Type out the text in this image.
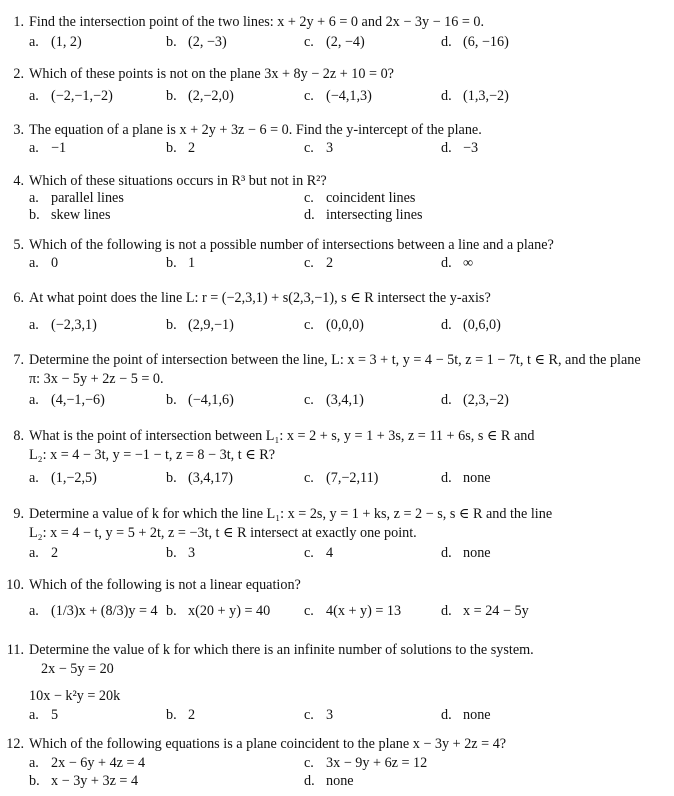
1. Find the intersection point of the two lines: x + 2y + 6 = 0 and 2x − 3y − 16 = 0.
a. (1, 2)	b. (2, −3)	c. (2, −4)	d. (6, −16)
2. Which of these points is not on the plane 3x + 8y − 2z + 10 = 0?
a. (−2,−1,−2)	b. (2,−2,0)	c. (−4,1,3)	d. (1,3,−2)
3. The equation of a plane is x + 2y + 3z − 6 = 0. Find the y-intercept of the plane.
a. −1	b. 2	c. 3	d. −3
4. Which of these situations occurs in R³ but not in R²?
a. parallel lines	c. coincident lines
b. skew lines	d. intersecting lines
5. Which of the following is not a possible number of intersections between a line and a plane?
a. 0	b. 1	c. 2	d. ∞
6. At what point does the line L: r = (−2,3,1) + s(2,3,−1), s ∈ R intersect the y-axis?
a. (−2,3,1)	b. (2,9,−1)	c. (0,0,0)	d. (0,6,0)
7. Determine the point of intersection between the line, L: x = 3 + t, y = 4 − 5t, z = 1 − 7t, t ∈ R, and the plane
π: 3x − 5y + 2z − 5 = 0.
a. (4,−1,−6)	b. (−4,1,6)	c. (3,4,1)	d. (2,3,−2)
8. What is the point of intersection between L₁: x = 2 + s, y = 1 + 3s, z = 11 + 6s, s ∈ R and
L₂: x = 4 − 3t, y = −1 − t, z = 8 − 3t, t ∈ R?
a. (1,−2,5)	b. (3,4,17)	c. (7,−2,11)	d. none
9. Determine a value of k for which the line L₁: x = 2s, y = 1 + ks, z = 2 − s, s ∈ R and the line
L₂: x = 4 − t, y = 5 + 2t, z = −3t, t ∈ R intersect at exactly one point.
a. 2	b. 3	c. 4	d. none
10. Which of the following is not a linear equation?
a. (1/3)x + (8/3)y = 4 b. x(20 + y) = 40 c. 4(x + y) = 13	d. x = 24 − 5y
11. Determine the value of k for which there is an infinite number of solutions to the system.
2x − 5y = 20
10x − k²y = 20k
a. 5	b. 2	c. 3	d. none
12. Which of the following equations is a plane coincident to the plane x − 3y + 2z = 4?
a. 2x − 6y + 4z = 4	c. 3x − 9y + 6z = 12
b. x − 3y + 3z = 4	d. none
